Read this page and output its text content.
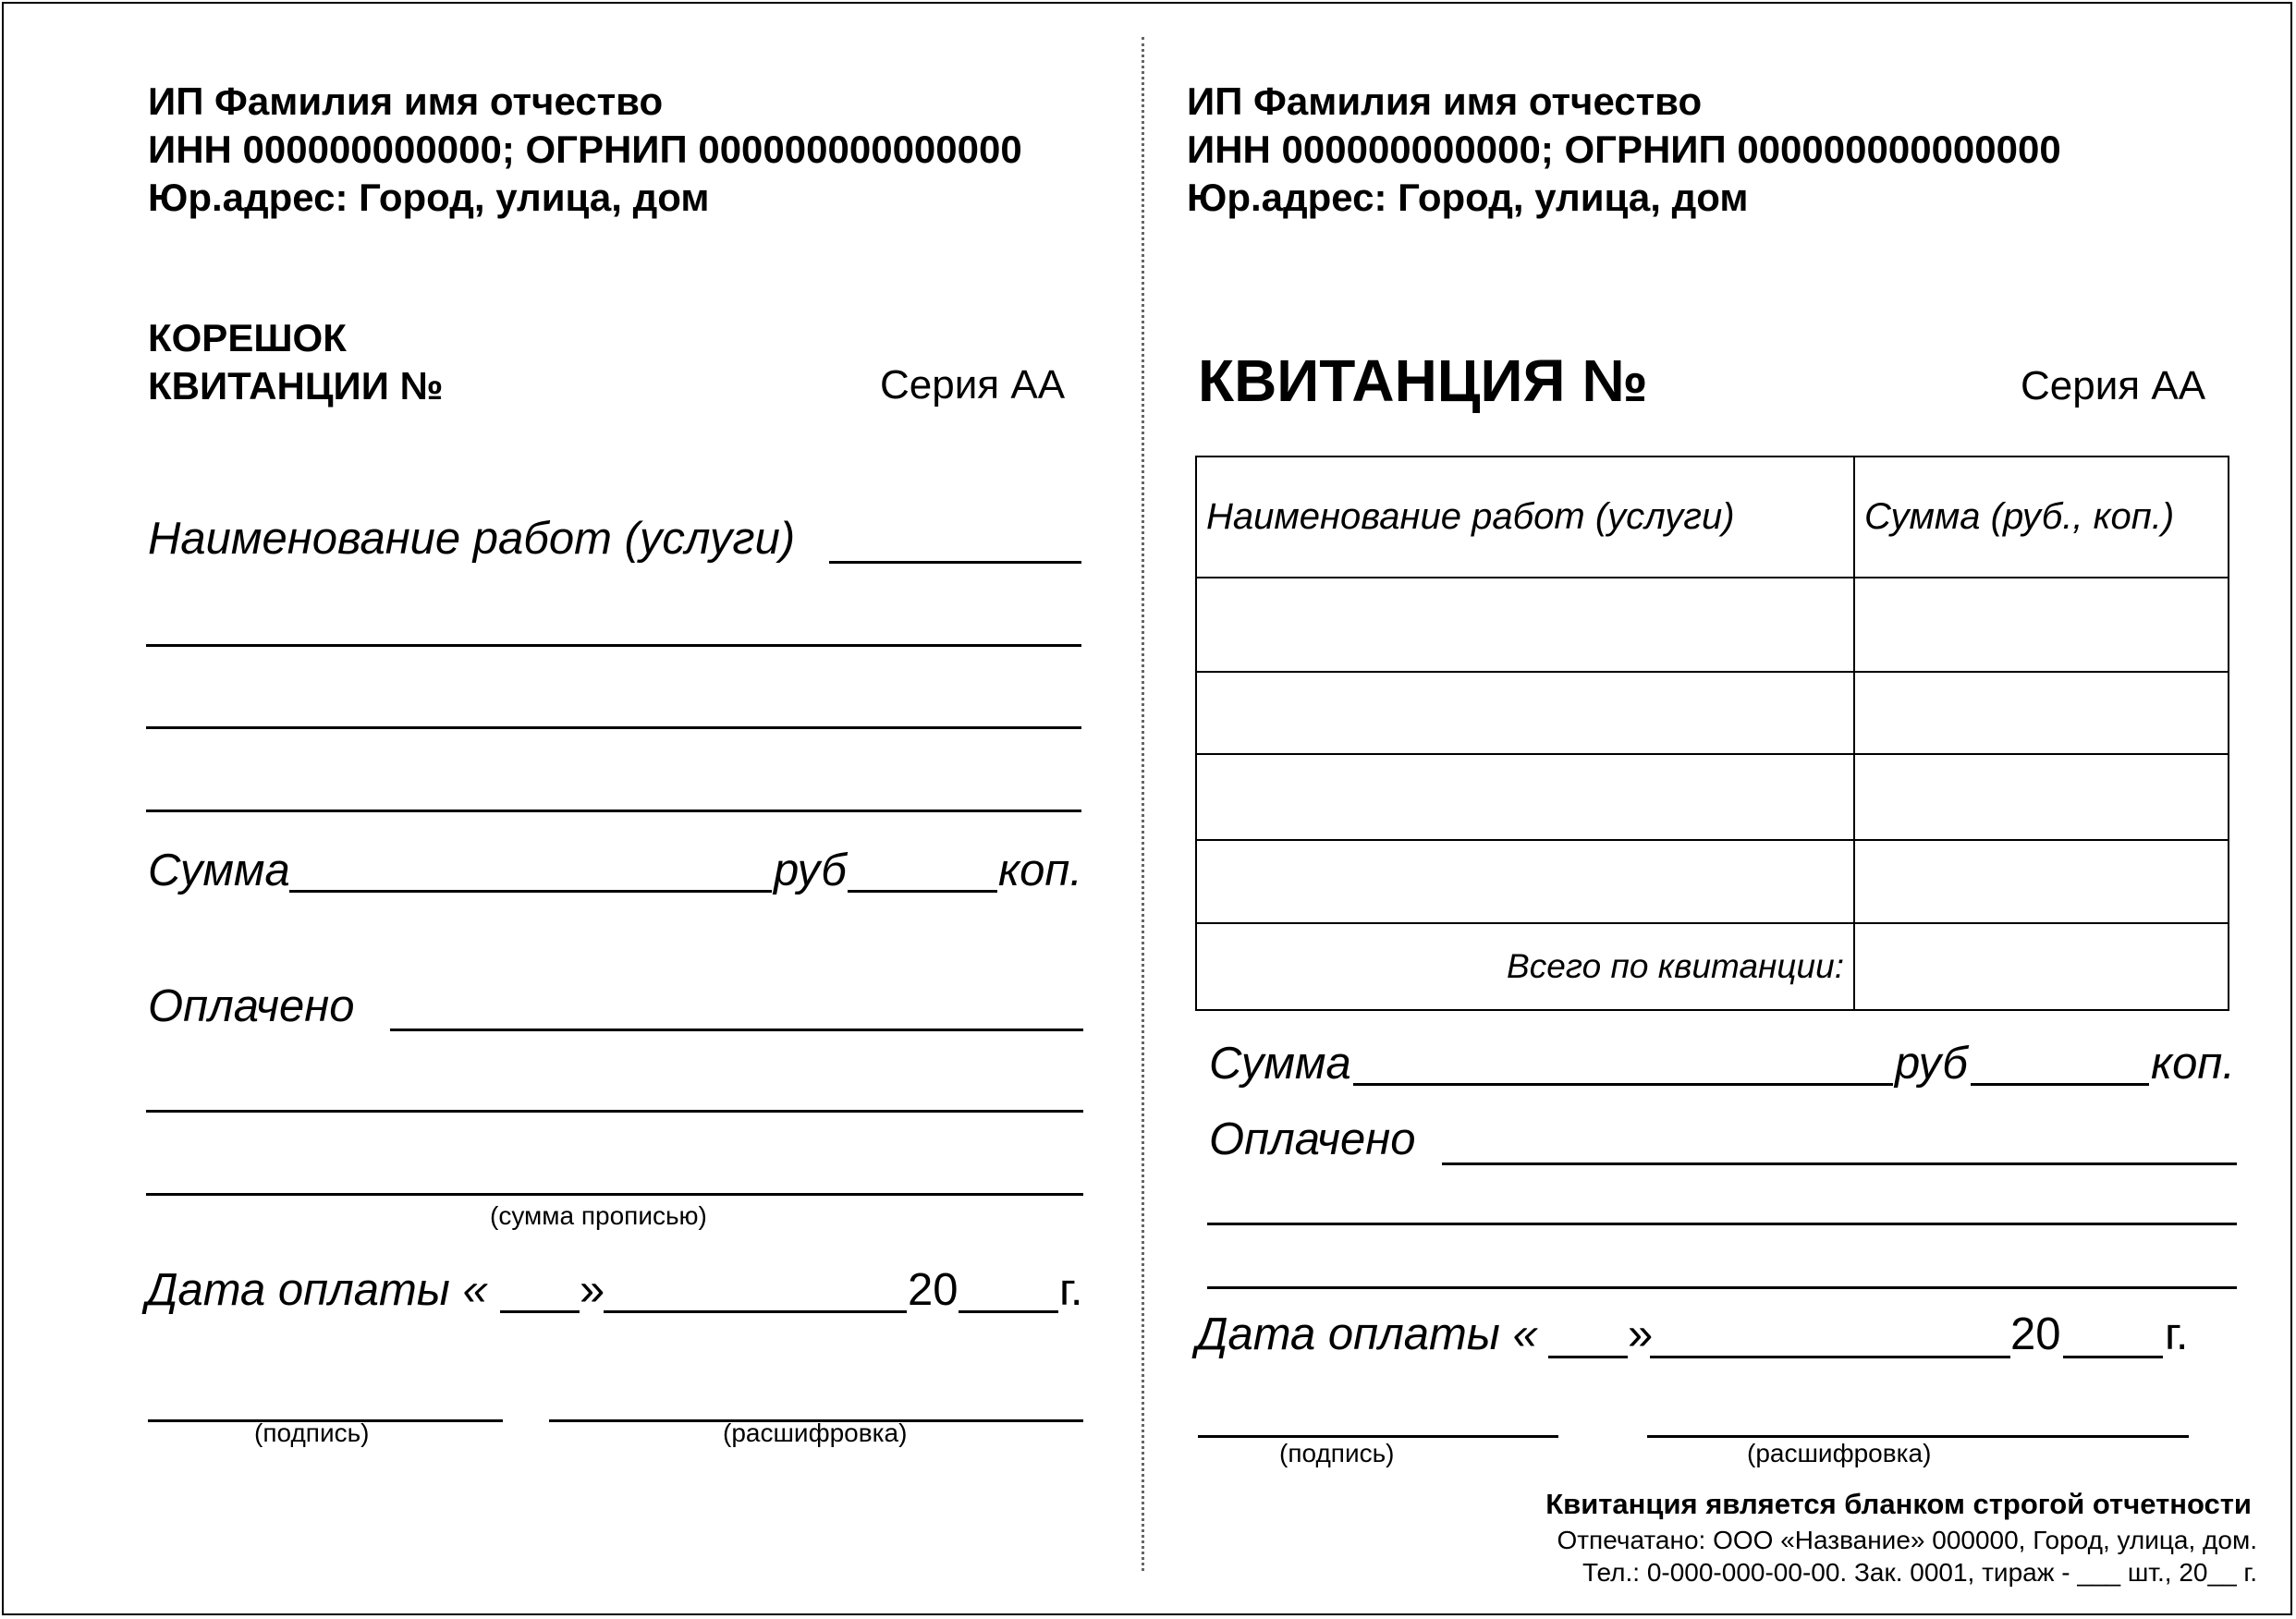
ИП Фамилия имя отчество
ИНН 000000000000; ОГРНИП 000000000000000
Юр.адрес: Город, улица, дом
КОРЕШОК
КВИТАНЦИИ №	Серия АА
Наименование работ (услуги)
Сумма	руб	коп.
Оплачено
(сумма прописью)
Дата оплаты « »	20 г.
(подпись)	(расшифровка)
ИП Фамилия имя отчество
ИНН 000000000000; ОГРНИП 000000000000000
Юр.адрес: Город, улица, дом
КВИТАНЦИЯ №	Серия АА
Наименование работ (услуги)	Сумма (руб., коп.)

Всего по квитанции:	
Сумма	руб	коп.
Оплачено
Дата оплаты « »	20 г.
(подпись)	(расшифровка)
Квитанция является бланком строгой отчетности
Отпечатано: ООО «Название» 000000, Город, улица, дом.
Тел.: 0-000-000-00-00. Зак. 0001, тираж - ___ шт., 20__ г.
